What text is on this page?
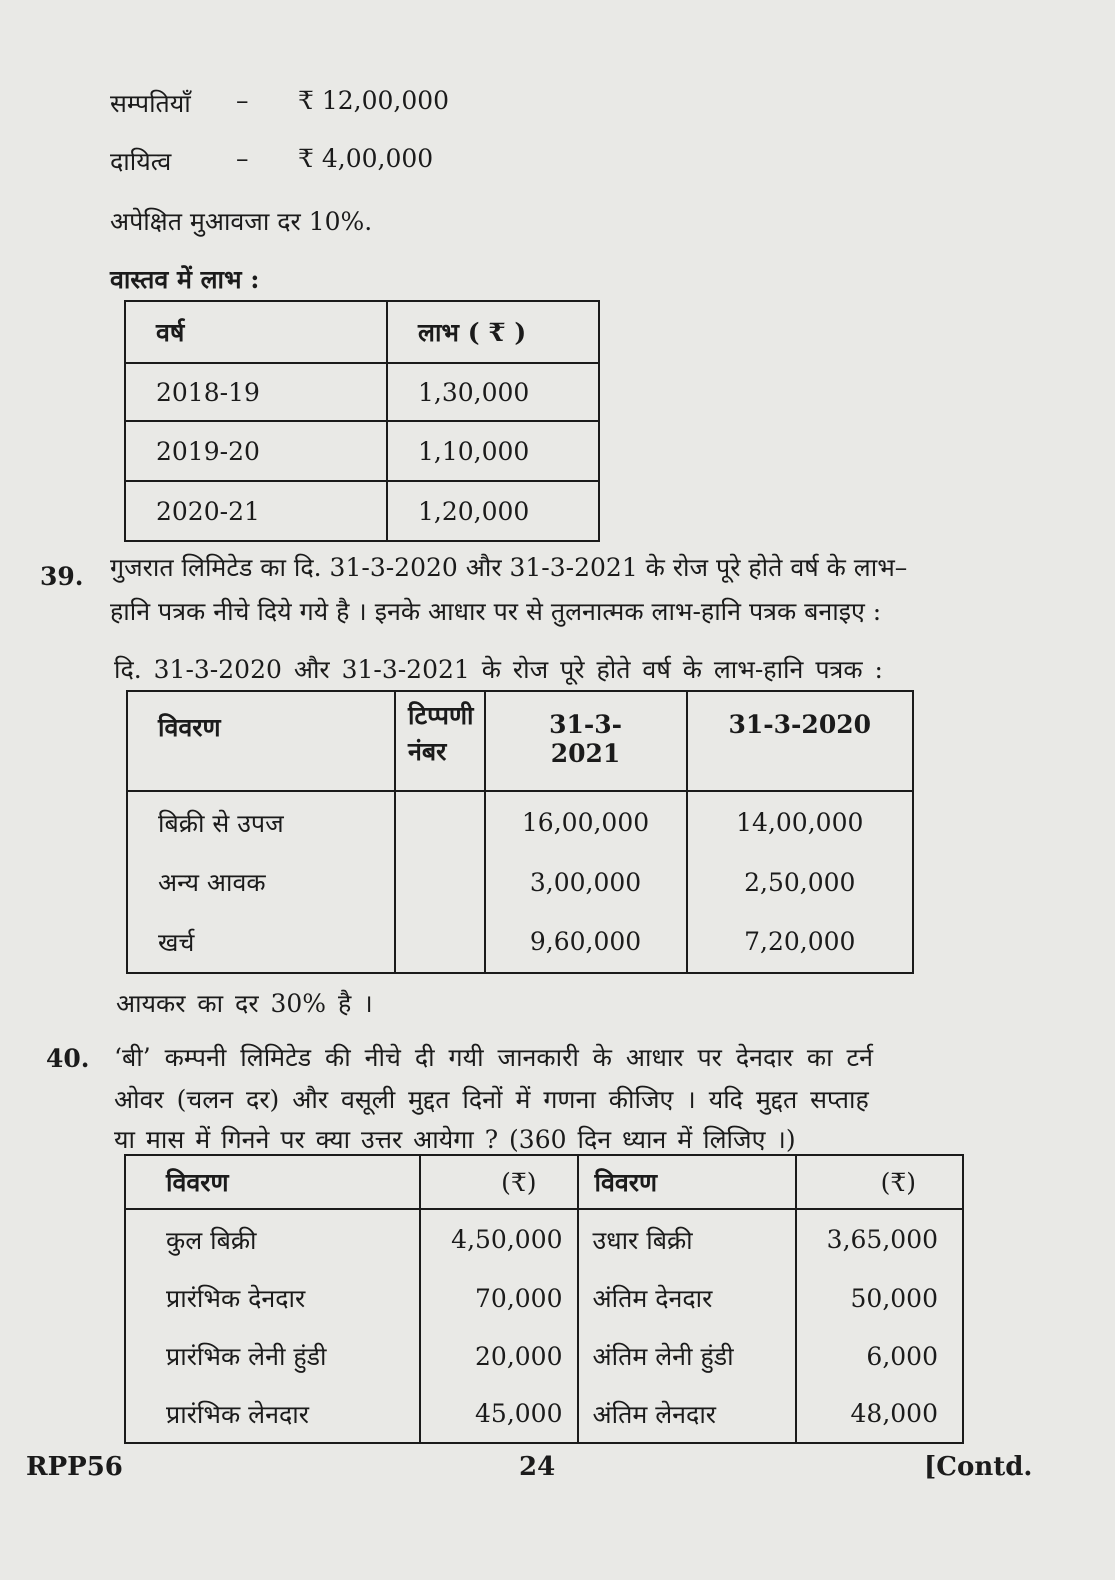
सम्पतियाँ – ₹ 12,00,000
दायित्व	– ₹ 4,00,000
अपेक्षित मुआवजा दर 10%.
वास्तव में लाभ :
वर्ष	लाभ ( ₹ )
2018-19	1,30,000
2019-20	1,10,000
2020-21	1,20,000
39. गुजरात लिमिटेड का दि. 31-3-2020 और 31-3-2021 के रोज पूरे होते वर्ष के लाभ–
हानि पत्रक नीचे दिये गये है । इनके आधार पर से तुलनात्मक लाभ-हानि पत्रक बनाइए :
दि. 31-3-2020 और 31-3-2021 के रोज पूरे होते वर्ष के लाभ-हानि पत्रक :
विवरण	टिप्पणी नंबर	31-3-2021	31-3-2020
बिक्री से उपज		16,00,000	14,00,000
अन्य आवक		3,00,000	2,50,000
खर्च		9,60,000	7,20,000
आयकर का दर 30% है ।
40. ‘बी’ कम्पनी लिमिटेड की नीचे दी गयी जानकारी के आधार पर देनदार का टर्न
ओवर (चलन दर) और वसूली मुद्दत दिनों में गणना कीजिए । यदि मुद्दत सप्ताह
या मास में गिनने पर क्या उत्तर आयेगा ? (360 दिन ध्यान में लिजिए ।)
विवरण	(₹)	विवरण	(₹)
कुल बिक्री	4,50,000	उधार बिक्री	3,65,000
प्रारंभिक देनदार	70,000	अंतिम देनदार	50,000
प्रारंभिक लेनी हुंडी	20,000	अंतिम लेनी हुंडी	6,000
प्रारंभिक लेनदार	45,000	अंतिम लेनदार	48,000
RPP56	24	[Contd.
